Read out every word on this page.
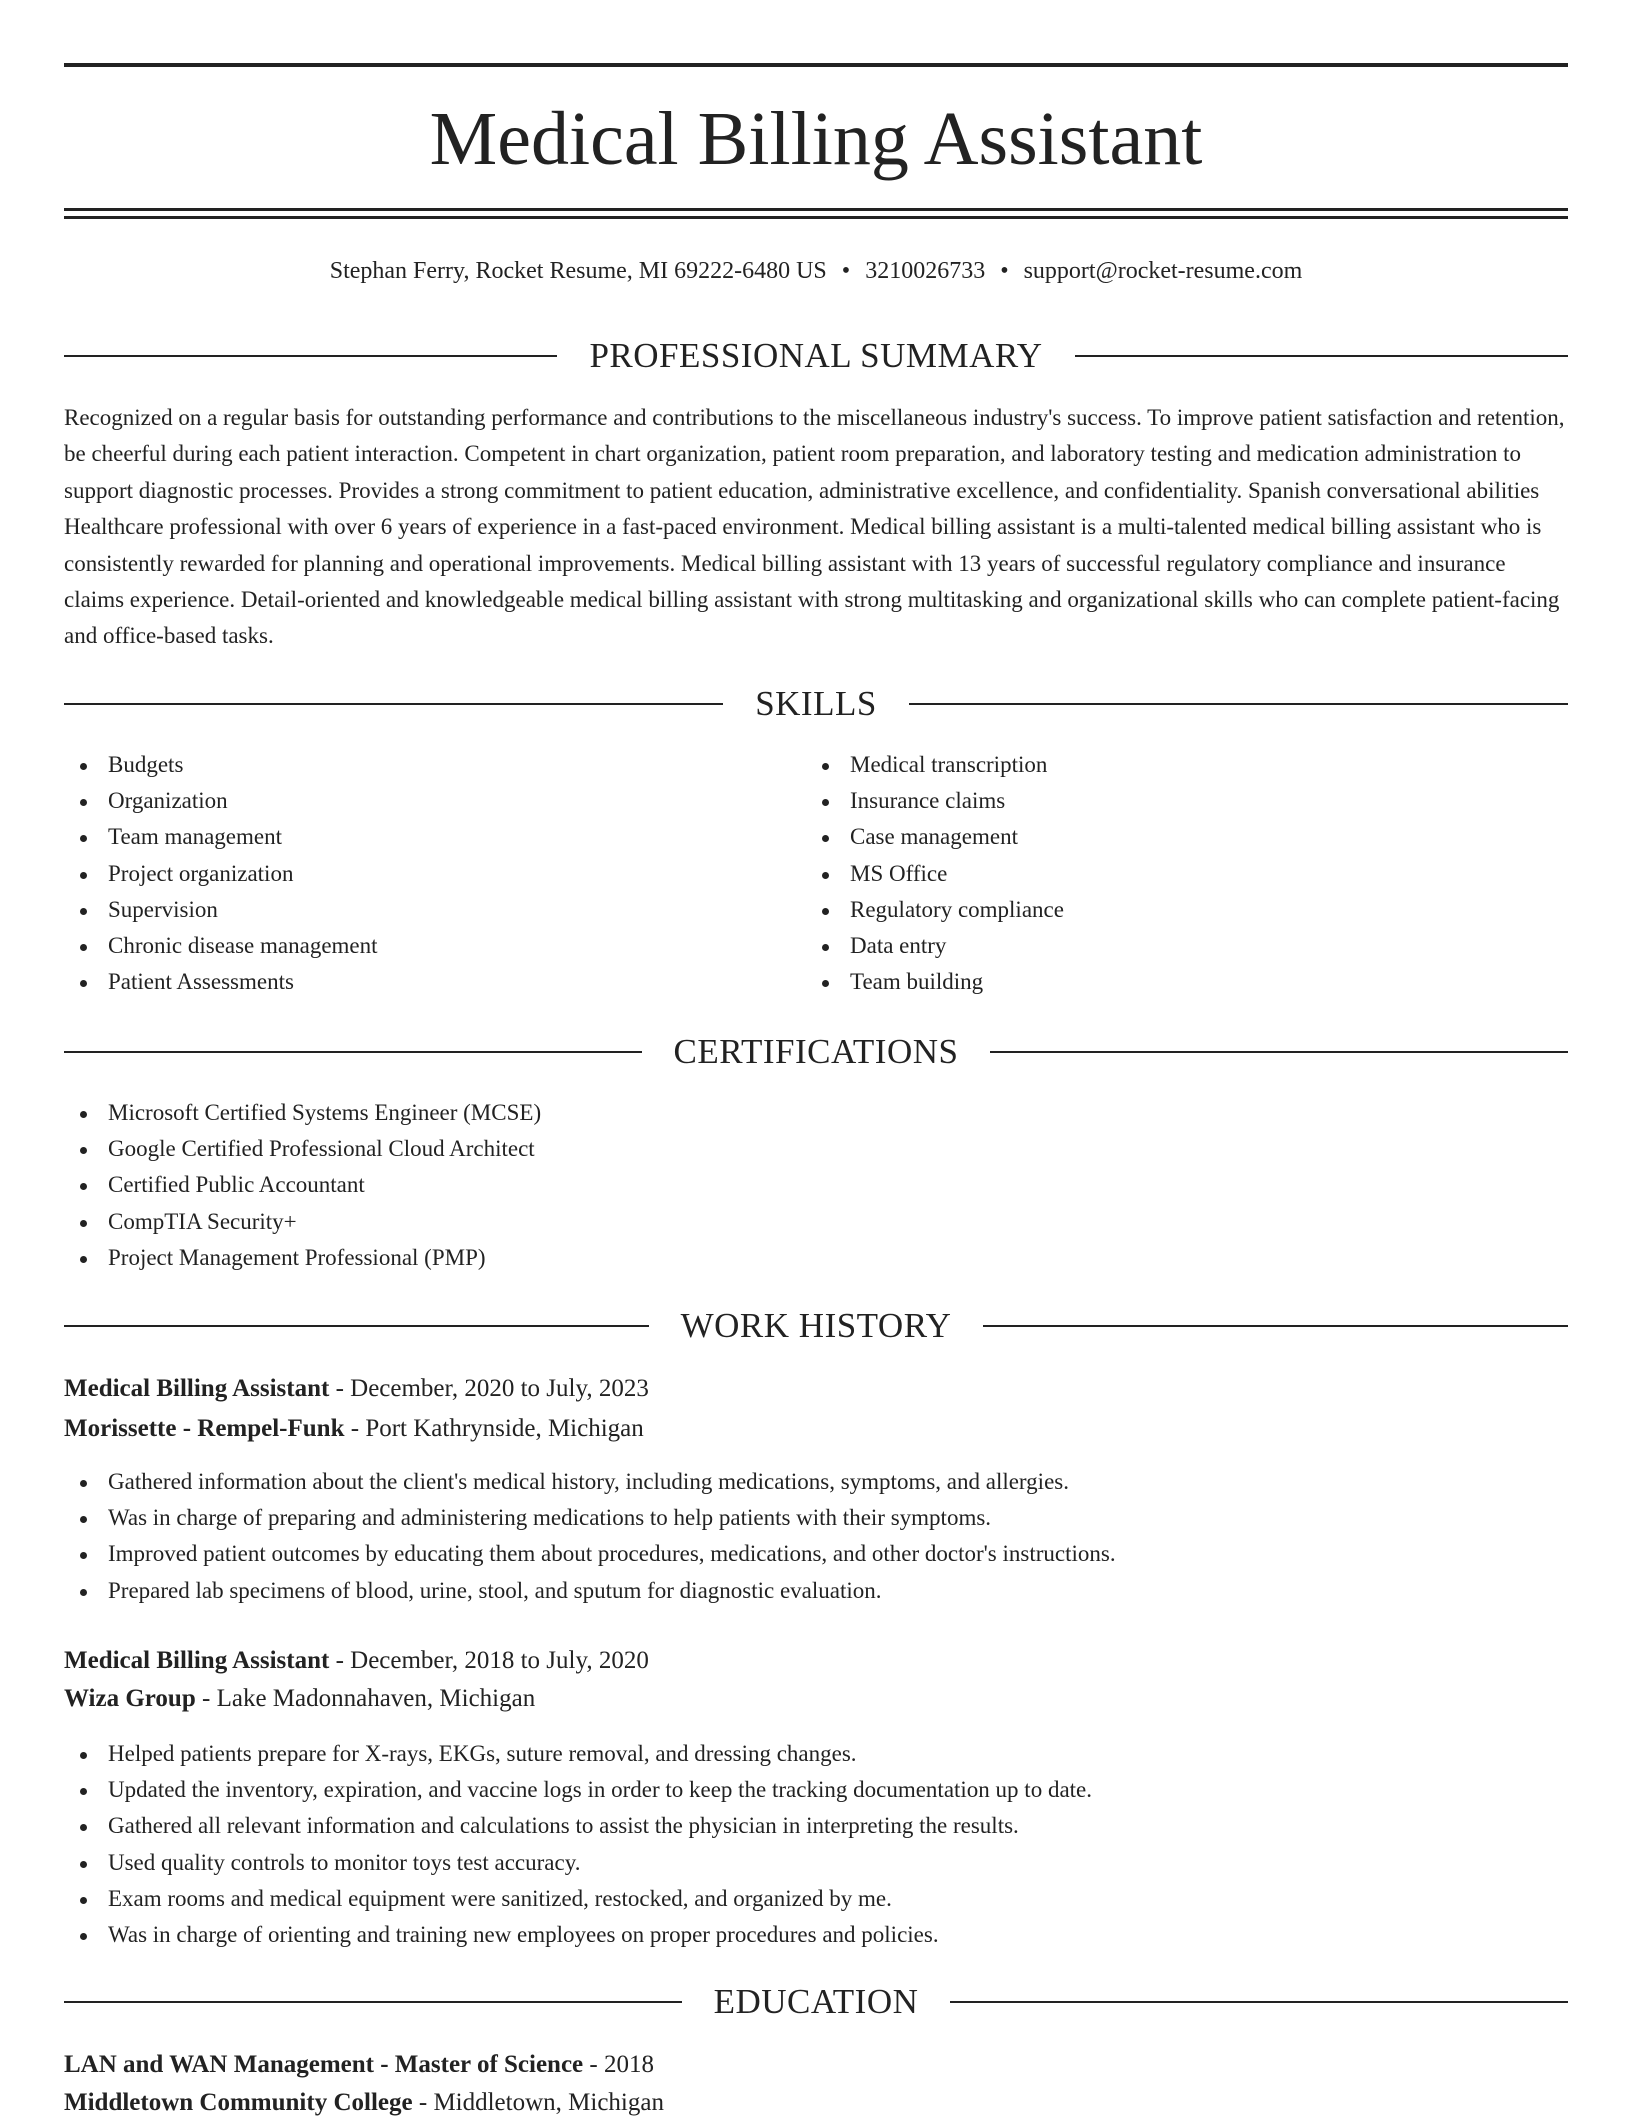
Medical Billing Assistant
Stephan Ferry, Rocket Resume, MI 69222-6480 US • 3210026733 • support@rocket-resume.com
PROFESSIONAL SUMMARY

Recognized on a regular basis for outstanding performance and contributions to the miscellaneous industry's success. To improve patient satisfaction and retention, be cheerful during each patient interaction. Competent in chart organization, patient room preparation, and laboratory testing and medication administration to support diagnostic processes. Provides a strong commitment to patient education, administrative excellence, and confidentiality. Spanish conversational abilities Healthcare professional with over 6 years of experience in a fast-paced environment. Medical billing assistant is a multi-talented medical billing assistant who is consistently rewarded for planning and operational improvements. Medical billing assistant with 13 years of successful regulatory compliance and insurance claims experience. Detail-oriented and knowledgeable medical billing assistant with strong multitasking and organizational skills who can complete patient-facing and office-based tasks.

SKILLS
Budgets
Organization
Team management
Project organization
Supervision
Chronic disease management
Patient Assessments
Medical transcription
Insurance claims
Case management
MS Office
Regulatory compliance
Data entry
Team building
CERTIFICATIONS
Microsoft Certified Systems Engineer (MCSE)
Google Certified Professional Cloud Architect
Certified Public Accountant
CompTIA Security+
Project Management Professional (PMP)
WORK HISTORY
Medical Billing Assistant - December, 2020 to July, 2023
Morissette - Rempel-Funk - Port Kathrynside, Michigan
Gathered information about the client's medical history, including medications, symptoms, and allergies.
Was in charge of preparing and administering medications to help patients with their symptoms.
Improved patient outcomes by educating them about procedures, medications, and other doctor's instructions.
Prepared lab specimens of blood, urine, stool, and sputum for diagnostic evaluation.
Medical Billing Assistant - December, 2018 to July, 2020
Wiza Group - Lake Madonnahaven, Michigan
Helped patients prepare for X-rays, EKGs, suture removal, and dressing changes.
Updated the inventory, expiration, and vaccine logs in order to keep the tracking documentation up to date.
Gathered all relevant information and calculations to assist the physician in interpreting the results.
Used quality controls to monitor toys test accuracy.
Exam rooms and medical equipment were sanitized, restocked, and organized by me.
Was in charge of orienting and training new employees on proper procedures and policies.
EDUCATION
LAN and WAN Management - Master of Science - 2018
Middletown Community College - Middletown, Michigan
